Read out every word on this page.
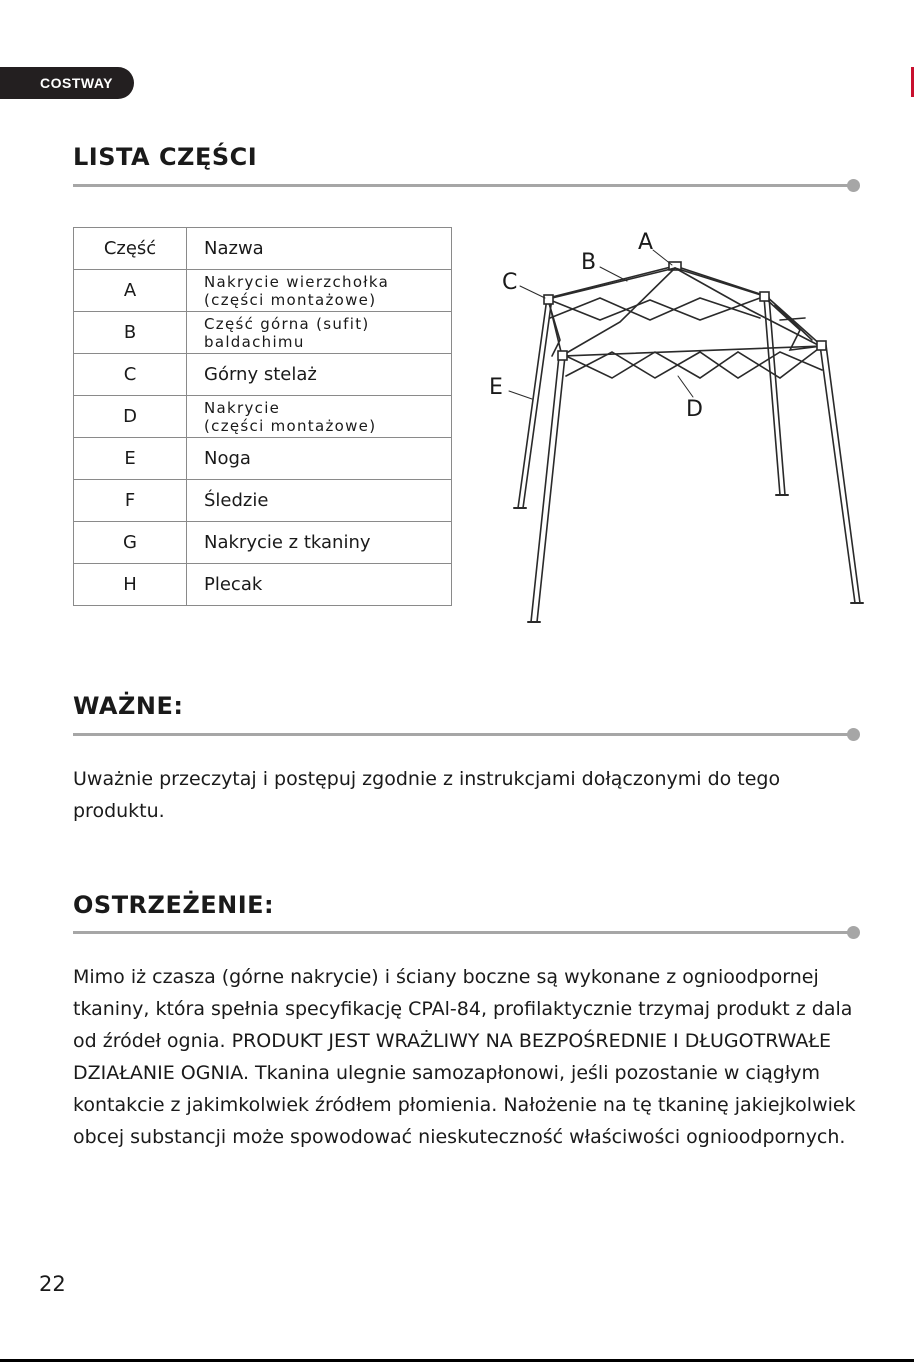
COSTWAY
LISTA CZĘŚCI
Część	Nazwa
A	Nakrycie wierzchołka
(części montażowe)
B	Część górna (sufit)
baldachimu
C	Górny stelaż
D	Nakrycie
(części montażowe)
E	Noga
F	Śledzie
G	Nakrycie z tkaniny
H	Plecak
A
B
C
E
D
WAŻNE:

Uważnie przeczytaj i postępuj zgodnie z instrukcjami dołączonymi do tego produktu.

OSTRZEŻENIE:

Mimo iż czasza (górne nakrycie) i ściany boczne są wykonane z ognioodpornej tkaniny, która spełnia specyfikację CPAl-84, profilaktycznie trzymaj produkt z dala od źródeł ognia. PRODUKT JEST WRAŻLIWY NA BEZPOŚREDNIE I DŁUGOTRWAŁE DZIAŁANIE OGNIA. Tkanina ulegnie samozapłonowi, jeśli pozostanie w ciągłym kontakcie z jakimkolwiek źródłem płomienia. Nałożenie na tę tkaninę jakiejkolwiek obcej substancji może spowodować nieskuteczność właściwości ognioodpornych.

22
